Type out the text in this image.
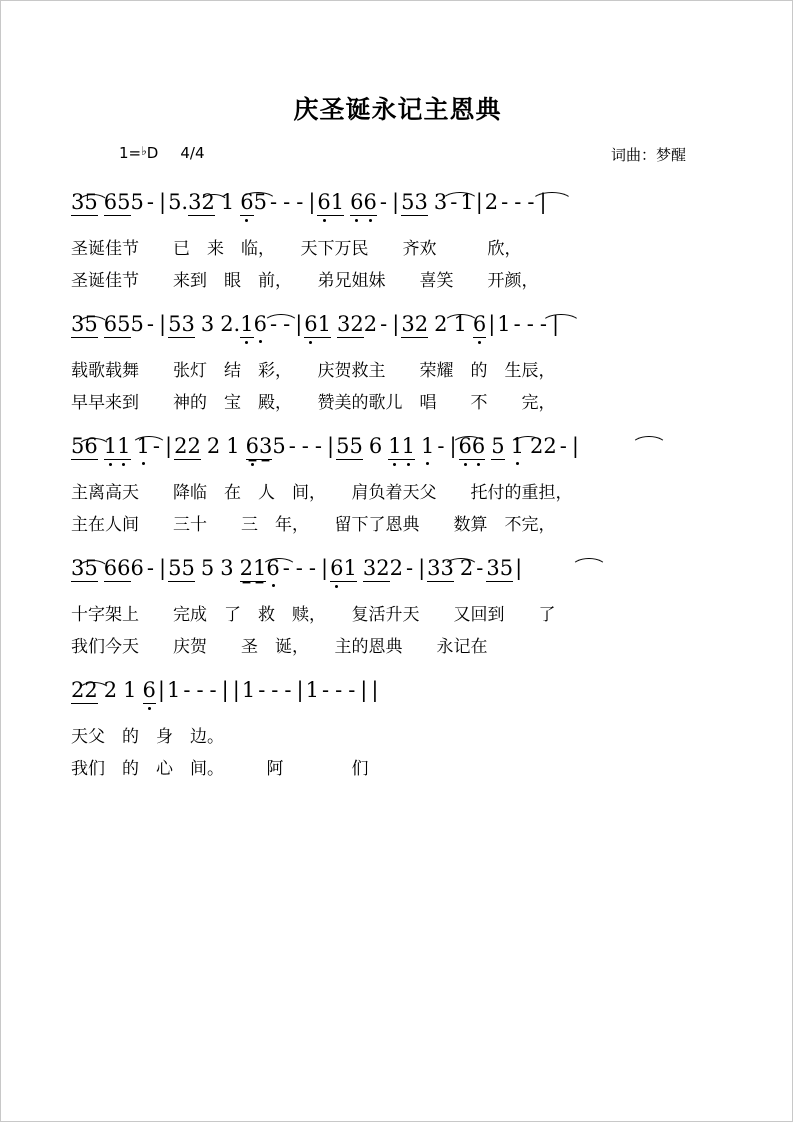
庆圣诞永记主恩典
1=♭D 4/4	词曲：梦醒
35 655 - |5.32 1 65 - - - |61 66 - |53 3 - 1|2 - - - |
圣诞佳节　　已　来　临，　　天下万民　　齐欢　　　欣，
圣诞佳节　　来到　眼　前，　　弟兄姐妹　　喜笑　　开颜，
35 655 - |53 3 2.16 - - |61 322 - |32 2 1 6|1 - - - |
载歌载舞　　张灯　结　彩，　　庆贺救主　　荣耀　的　生辰，
早早来到　　神的　宝　殿，　　赞美的歌儿　唱　　不　　完，
56 11 1 - |22 2 1 635 - - - |55 6 11 1 - |66 5 1 22 - |
主离高天　　降临　在　人　间，　　肩负着天父　　托付的重担，
主在人间　　三十　　三　年，　　留下了恩典　　数算　不完，
35 666 - |55 5 3 216 - - - |61 322 - |33 2 - 35|
十字架上　　完成　了　救　赎，　　复活升天　　又回到　　了
我们今天　　庆贺　　圣　诞，　　主的恩典　　永记在
22 2 1 6|1 - - - | |1 - - - |1 - - - | |
天父　的　身　边。
我们　的　心　间。　　　阿　　　　们
